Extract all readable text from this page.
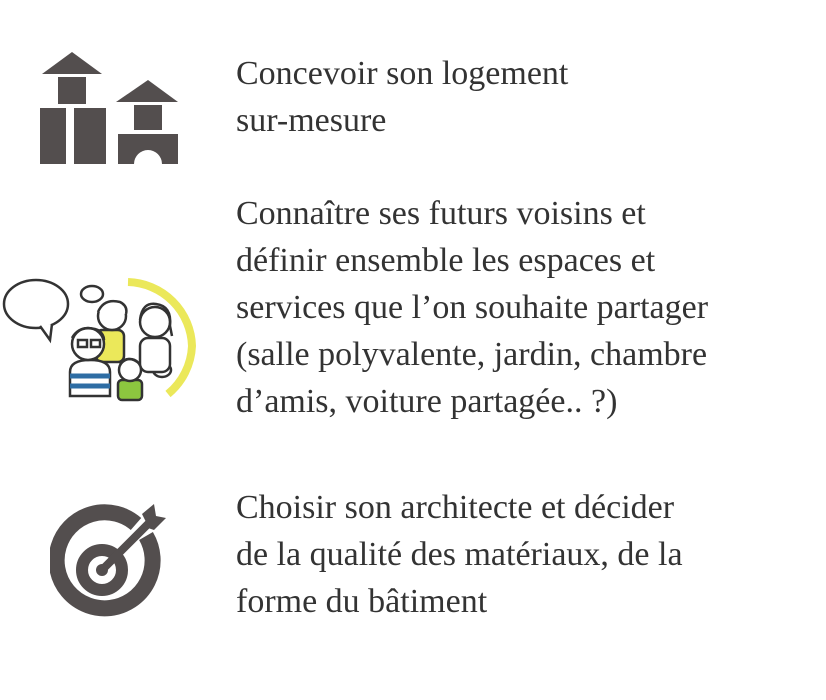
Concevoir son logement
sur-mesure

Connaître ses futurs voisins et
définir ensemble les espaces et
services que l’on souhaite partager
(salle polyvalente, jardin, chambre
d’amis, voiture partagée.. ?)

Choisir son architecte et décider
de la qualité des matériaux, de la
forme du bâtiment
